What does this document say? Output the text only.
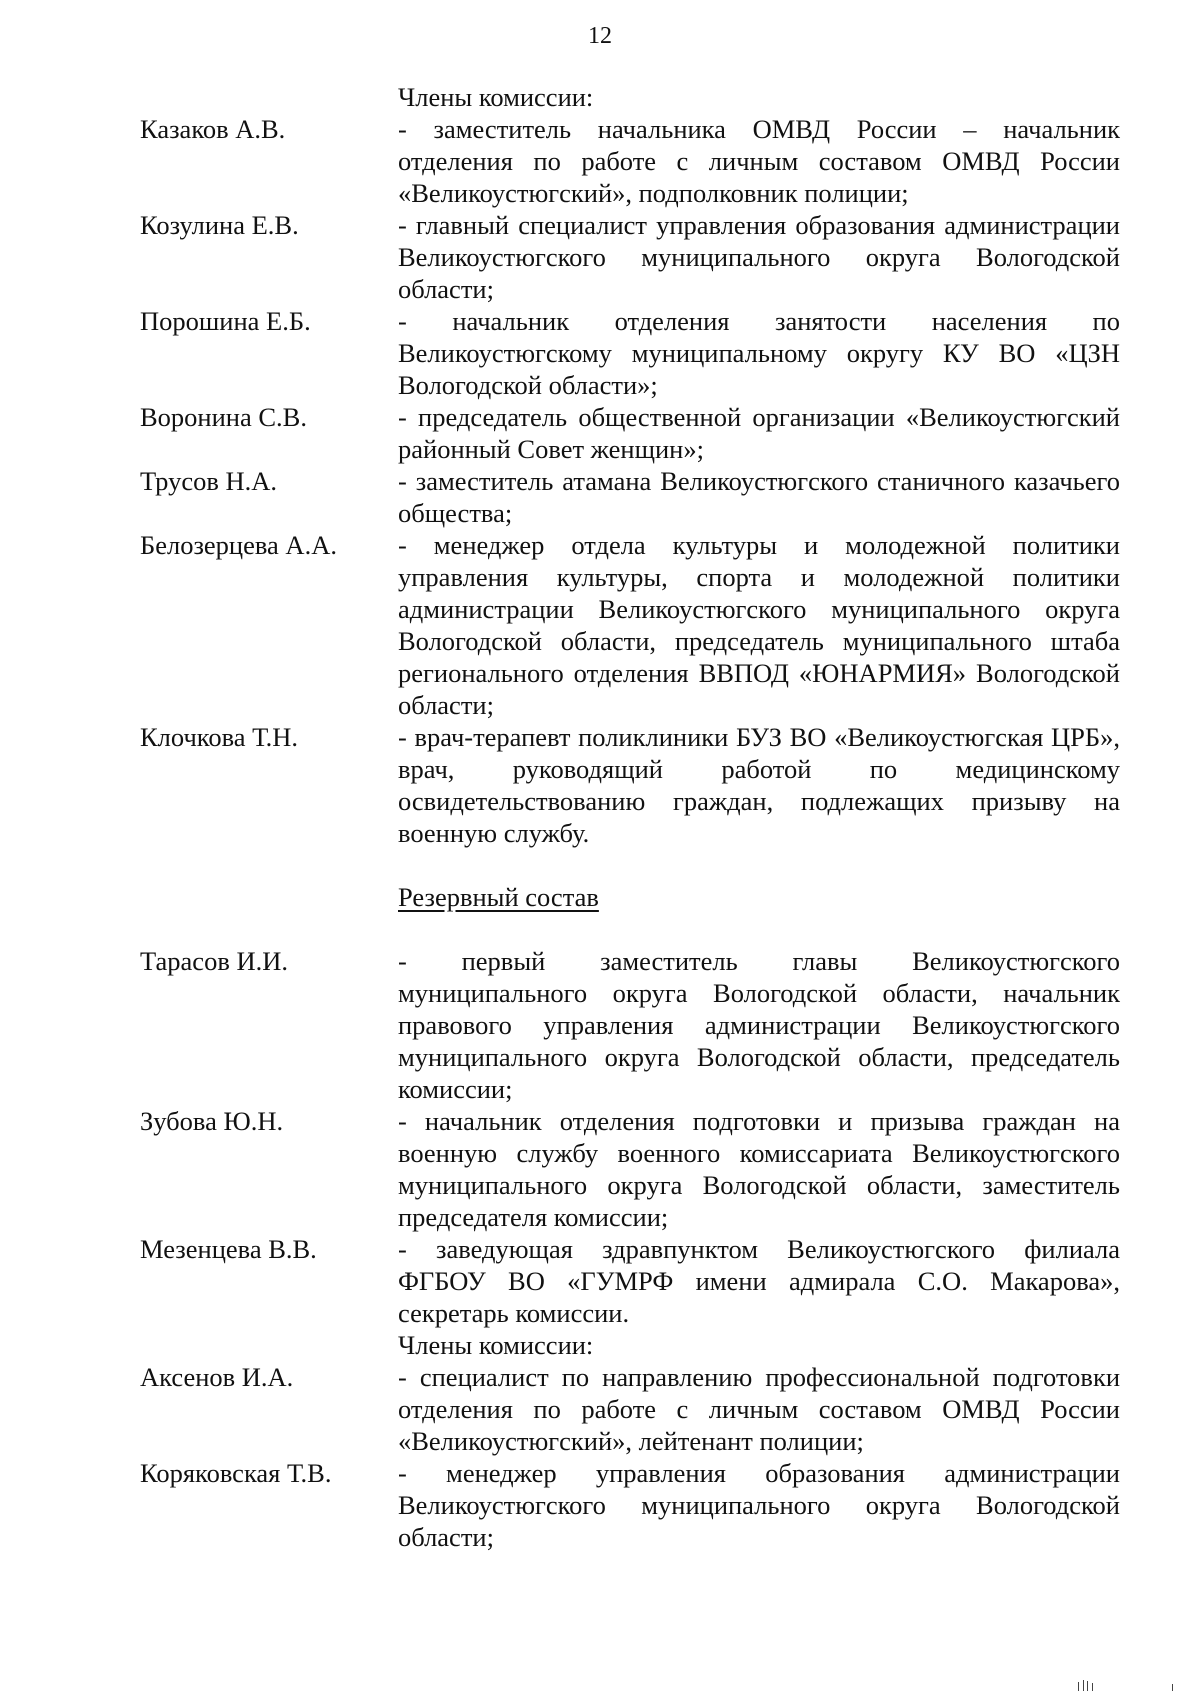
12
Члены комиссии:
Казаков А.В.	- заместитель начальника ОМВД России – начальник отделения по работе с личным составом ОМВД России «Великоустюгский», подполковник полиции;
Козулина Е.В.	- главный специалист управления образования администрации Великоустюгского муниципального округа Вологодской области;
Порошина Е.Б.	- начальник отделения занятости населения по Великоустюгскому муниципальному округу КУ ВО «ЦЗН Вологодской области»;
Воронина С.В.	- председатель общественной организации «Великоустюгский районный Совет женщин»;
Трусов Н.А.	- заместитель атамана Великоустюгского станичного казачьего общества;
Белозерцева А.А.	- менеджер отдела культуры и молодежной политики управления культуры, спорта и молодежной политики администрации Великоустюгского муниципального округа Вологодской области, председатель муниципального штаба регионального отделения ВВПОД «ЮНАРМИЯ» Вологодской области;
Клочкова Т.Н.	- врач-терапевт поликлиники БУЗ ВО «Великоустюгская ЦРБ», врач, руководящий работой по медицинскому освидетельствованию граждан, подлежащих призыву на военную службу.
Резервный состав
Тарасов И.И.	- первый заместитель главы Великоустюгского муниципального округа Вологодской области, начальник правового управления администрации Великоустюгского муниципального округа Вологодской области, председатель комиссии;
Зубова Ю.Н.	- начальник отделения подготовки и призыва граждан на военную службу военного комиссариата Великоустюгского муниципального округа Вологодской области, заместитель председателя комиссии;
Мезенцева В.В.	- заведующая здравпунктом Великоустюгского филиала ФГБОУ ВО «ГУМРФ имени адмирала С.О. Макарова», секретарь комиссии.
Члены комиссии:
Аксенов И.А.	- специалист по направлению профессиональной подготовки отделения по работе с личным составом ОМВД России «Великоустюгский», лейтенант полиции;
Коряковская Т.В.	- менеджер управления образования администрации Великоустюгского муниципального округа Вологодской области;
